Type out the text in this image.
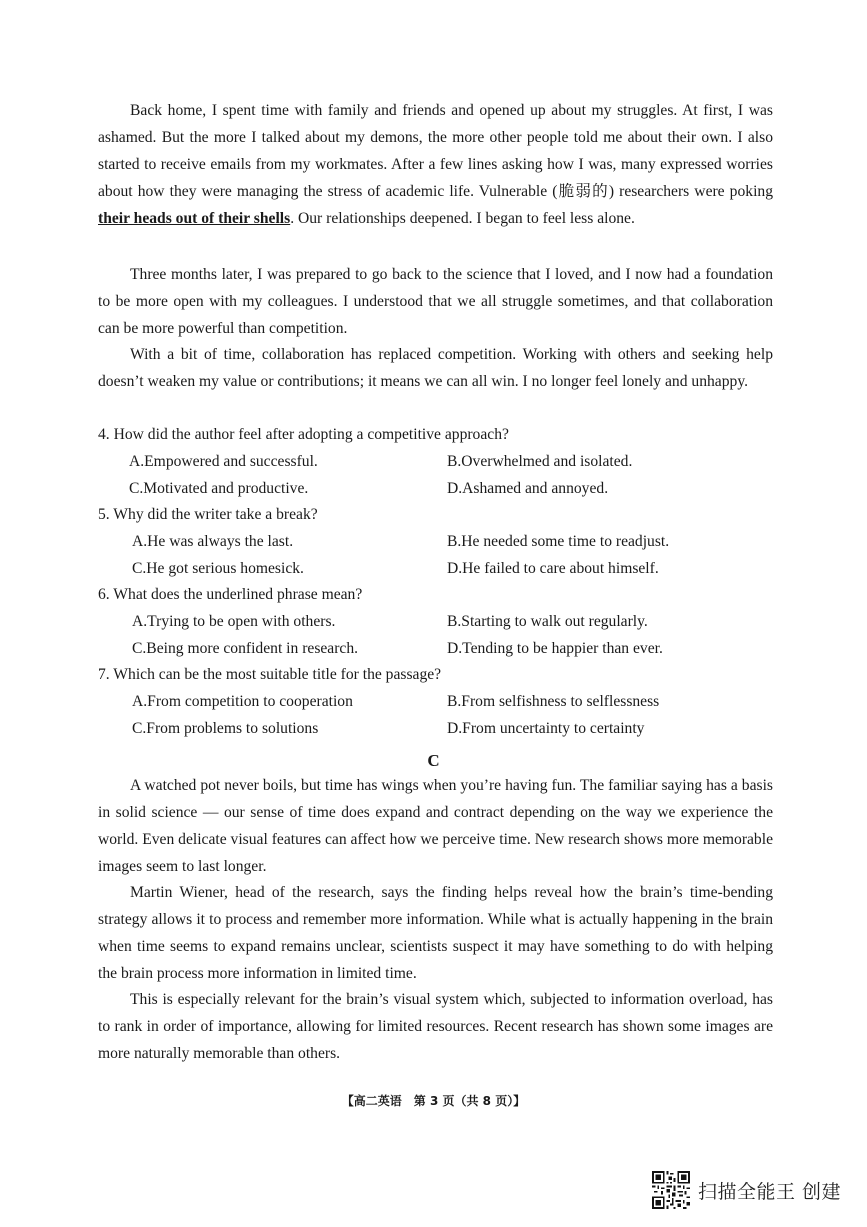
Back home, I spent time with family and friends and opened up about my struggles. At first, I was ashamed. But the more I talked about my demons, the more other people told me about their own. I also started to receive emails from my workmates. After a few lines asking how I was, many expressed worries about how they were managing the stress of academic life. Vulnerable (脆弱的) researchers were poking their heads out of their shells. Our relationships deepened. I began to feel less alone.

Three months later, I was prepared to go back to the science that I loved, and I now had a foundation to be more open with my colleagues. I understood that we all struggle sometimes, and that collaboration can be more powerful than competition.

With a bit of time, collaboration has replaced competition. Working with others and seeking help doesn’t weaken my value or contributions; it means we can all win. I no longer feel lonely and unhappy.

4. How did the author feel after adopting a competitive approach?
A.Empowered and successful.	B.Overwhelmed and isolated.
C.Motivated and productive.	D.Ashamed and annoyed.
5. Why did the writer take a break?
A.He was always the last.	B.He needed some time to readjust.
C.He got serious homesick.	D.He failed to care about himself.
6. What does the underlined phrase mean?
A.Trying to be open with others.	B.Starting to walk out regularly.
C.Being more confident in research.	D.Tending to be happier than ever.
7. Which can be the most suitable title for the passage?
A.From competition to cooperation	B.From selfishness to selflessness
C.From problems to solutions	D.From uncertainty to certainty
C

A watched pot never boils, but time has wings when you’re having fun. The familiar saying has a basis in solid science — our sense of time does expand and contract depending on the way we experience the world. Even delicate visual features can affect how we perceive time. New research shows more memorable images seem to last longer.

Martin Wiener, head of the research, says the finding helps reveal how the brain’s time-bending strategy allows it to process and remember more information. While what is actually happening in the brain when time seems to expand remains unclear, scientists suspect it may have something to do with helping the brain process more information in limited time.

This is especially relevant for the brain’s visual system which, subjected to information overload, has to rank in order of importance, allowing for limited resources. Recent research has shown some images are more naturally memorable than others.

【高二英语　第 3 页（共 8 页）】
扫描全能王 创建
